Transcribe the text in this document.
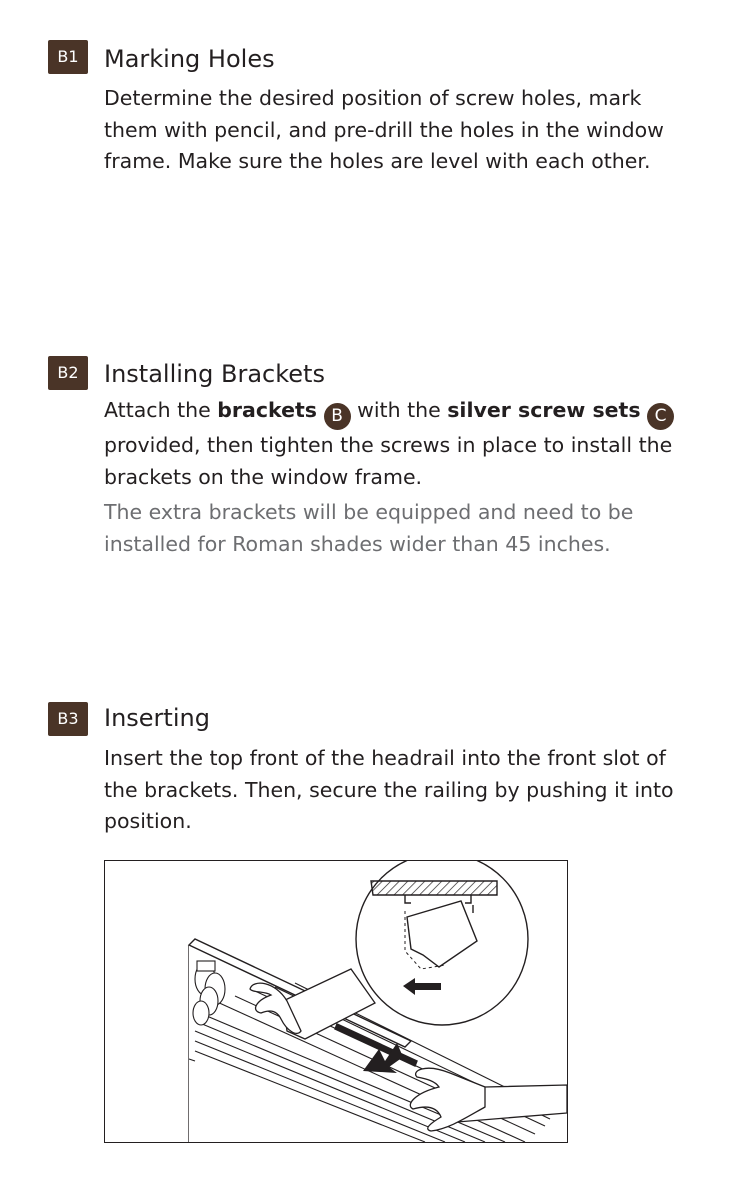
B1	Marking Holes

Determine the desired position of screw holes, mark them with pencil, and pre-drill the holes in the window frame. Make sure the holes are level with each other.

B2	Installing Brackets

Attach the brackets B with the silver screw sets C provided, then tighten the screws in place to install the brackets on the window frame.

The extra brackets will be equipped and need to be installed for Roman shades wider than 45 inches.

B3	Inserting

Insert the top front of the headrail into the front slot of the brackets. Then, secure the railing by pushing it into position.
